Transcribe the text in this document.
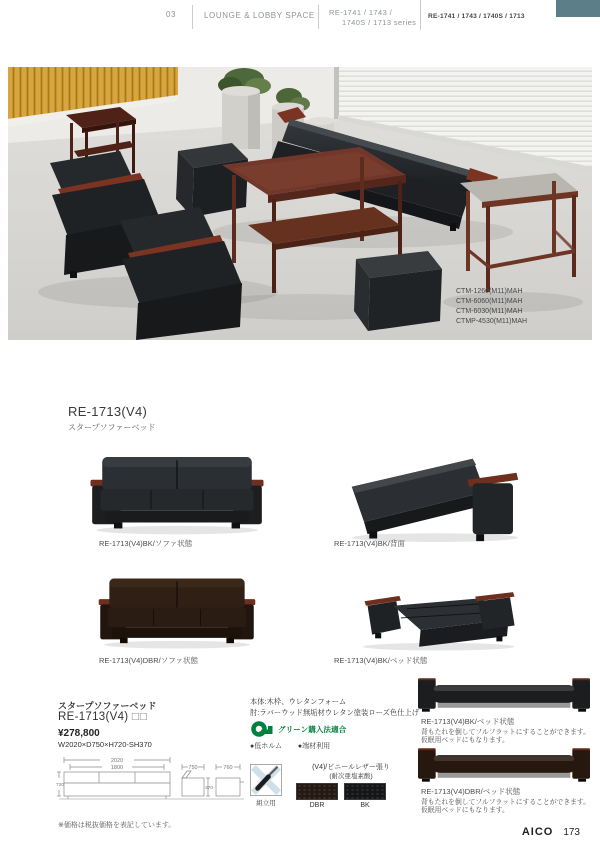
03	LOUNGE & LOBBY SPACE RE-1741 / 1743 /
1740S / 1713 series
RE-1741 / 1743 / 1740S / 1713
CTM-1260(M11)MAH
CTM-6060(M11)MAH
CTM-6030(M11)MAH
CTMP-4530(M11)MAH
RE-1713(V4)
スタープソファーベッド
RE-1713(V4)BK/ソファ状態	RE-1713(V4)BK/背面
RE-1713(V4)DBR/ソファ状態	RE-1713(V4)BK/ベッド状態
スタープソファーベッド
RE-1713(V4) □□
¥278,800
W2020×D750×H720-SH370
2020
1800
720
750
370
760
※価格は税抜価格を表記しています。
本体:木枠、ウレタンフォーム
肘:ラバーウッド無垢材ウレタン塗装ローズ色仕上げ
グリーン購入法適合
●低ホルム ●端材利用
組立用
(V4)/ビニールレザー張り
(耐次亜塩素酸)
DBR	BK
RE-1713(V4)BK/ベッド状態
背もたれを倒してフルフラットにすることができます。
仮眠用ベッドにもなります。
RE-1713(V4)DBR/ベッド状態
背もたれを倒してフルフラットにすることができます。
仮眠用ベッドにもなります。
AICO 173
